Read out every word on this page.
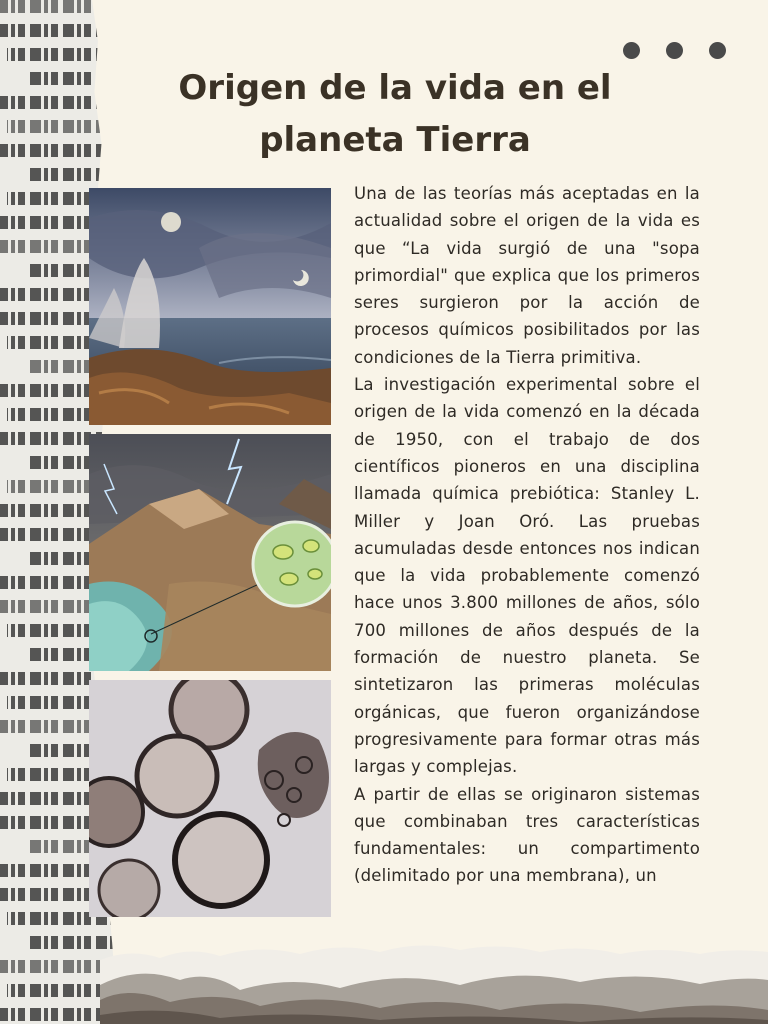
Origen de la vida en el planeta Tierra

Una de las teorías más aceptadas en la actualidad sobre el origen de la vida es que “La vida surgió de una "sopa primordial" que explica que los primeros seres surgieron por la acción de procesos químicos posibilitados por las condiciones de la Tierra primitiva.

La investigación experimental sobre el origen de la vida comenzó en la década de 1950, con el trabajo de dos científicos pioneros en una disciplina llamada química prebiótica: Stanley L. Miller y Joan Oró. Las pruebas acumuladas desde entonces nos indican que la vida probablemente comenzó hace unos 3.800 millones de años, sólo 700 millones de años después de la formación de nuestro planeta. Se sintetizaron las primeras moléculas orgánicas, que fueron organizándose progresivamente para formar otras más largas y complejas.

A partir de ellas se originaron sistemas que combinaban tres características fundamentales: un compartimento (delimitado por una membrana), un
